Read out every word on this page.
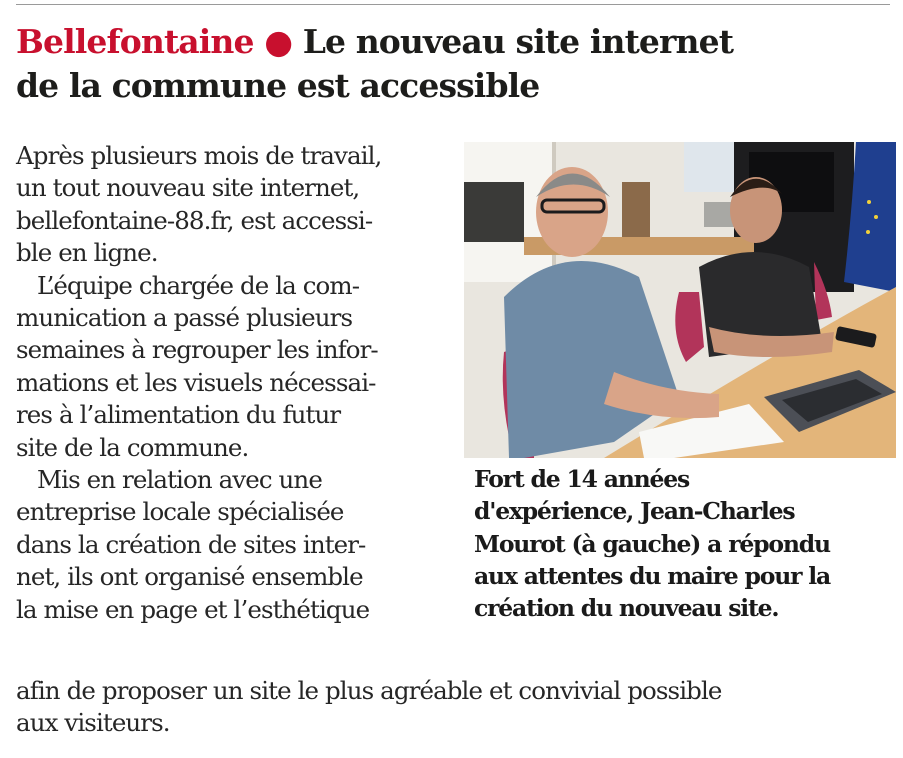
Bellefontaine ● Le nouveau site internet
de la commune est accessible
Après plusieurs mois de travail,
un tout nouveau site internet,
bellefontaine-88.fr, est accessi-
ble en ligne.
L’équipe chargée de la com-
munication a passé plusieurs
semaines à regrouper les infor-
mations et les visuels nécessai-
res à l’alimentation du futur
site de la commune.
Mis en relation avec une
entreprise locale spécialisée
dans la création de sites inter-
net, ils ont organisé ensemble
la mise en page et l’esthétique
Fort de 14 années
d'expérience, Jean-Charles
Mourot (à gauche) a répondu
aux attentes du maire pour la
création du nouveau site.
afin de proposer un site le plus agréable et convivial possible
aux visiteurs.
